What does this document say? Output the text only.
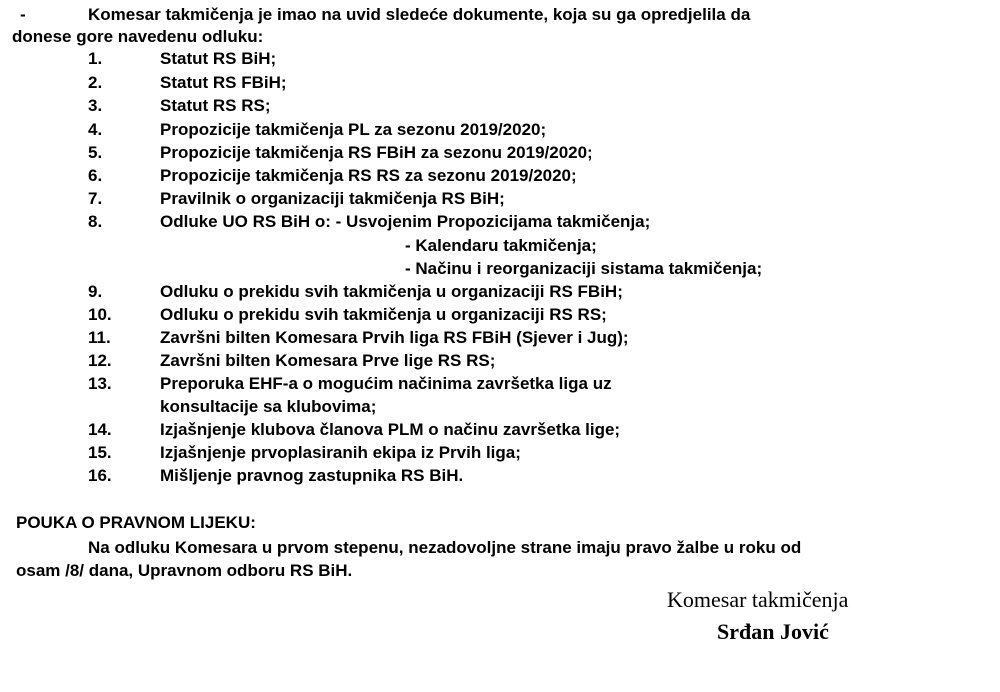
-	Komesar takmičenja je imao na uvid sledeće dokumente, koja su ga opredjelila da
donese gore navedenu odluku:
1.	Statut RS BiH;
2.	Statut RS FBiH;
3.	Statut RS RS;
4.	Propozicije takmičenja PL za sezonu 2019/2020;
5.	Propozicije takmičenja RS FBiH za sezonu 2019/2020;
6.	Propozicije takmičenja RS RS za sezonu 2019/2020;
7.	Pravilnik o organizaciji takmičenja RS BiH;
8.	Odluke UO RS BiH o: - Usvojenim Propozicijama takmičenja;
- Kalendaru takmičenja;
- Načinu i reorganizaciji sistama takmičenja;
9.	Odluku o prekidu svih takmičenja u organizaciji RS FBiH;
10.	Odluku o prekidu svih takmičenja u organizaciji RS RS;
11.	Završni bilten Komesara Prvih liga RS FBiH (Sjever i Jug);
12.	Završni bilten Komesara Prve lige RS RS;
13.	Preporuka EHF-a o mogućim načinima završetka liga uz
konsultacije sa klubovima;
14.	Izjašnjenje klubova članova PLM o načinu završetka lige;
15.	Izjašnjenje prvoplasiranih ekipa iz Prvih liga;
16.	Mišljenje pravnog zastupnika RS BiH.
POUKA O PRAVNOM LIJEKU:
Na odluku Komesara u prvom stepenu, nezadovoljne strane imaju pravo žalbe u roku od
osam /8/ dana, Upravnom odboru RS BiH.
Komesar takmičenja
Srđan Jović
